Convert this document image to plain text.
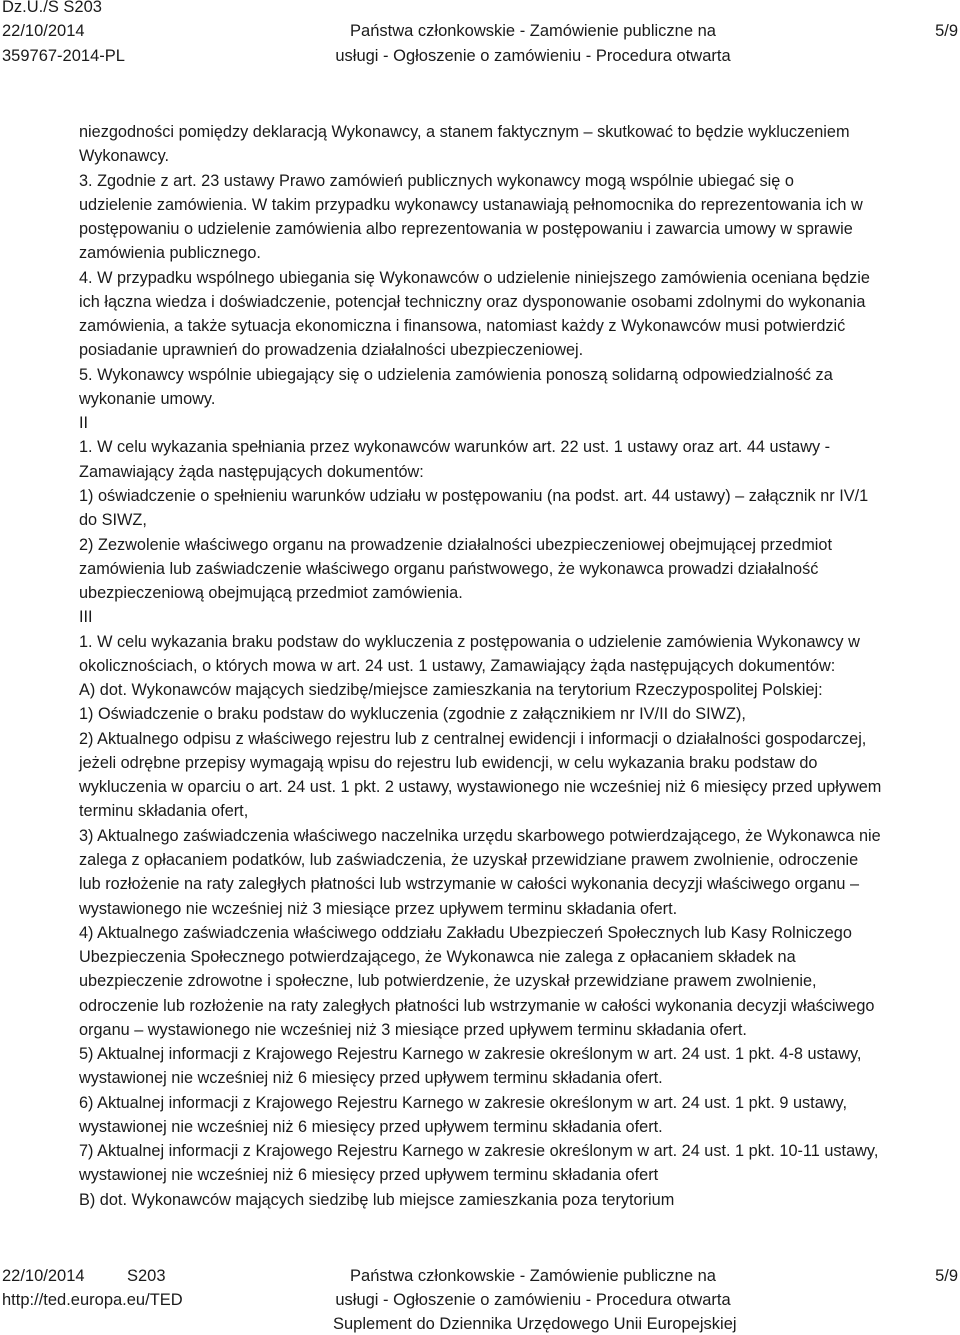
Dz.U./S S203
22/10/2014
359767-2014-PL
Państwa członkowskie - Zamówienie publiczne na
usługi - Ogłoszenie o zamówieniu - Procedura otwarta
5/9
niezgodności pomiędzy deklaracją Wykonawcy, a stanem faktycznym – skutkować to będzie wykluczeniem
Wykonawcy.
3. Zgodnie z art. 23 ustawy Prawo zamówień publicznych wykonawcy mogą wspólnie ubiegać się o
udzielenie zamówienia. W takim przypadku wykonawcy ustanawiają pełnomocnika do reprezentowania ich w
postępowaniu o udzielenie zamówienia albo reprezentowania w postępowaniu i zawarcia umowy w sprawie
zamówienia publicznego.
4. W przypadku wspólnego ubiegania się Wykonawców o udzielenie niniejszego zamówienia oceniana będzie
ich łączna wiedza i doświadczenie, potencjał techniczny oraz dysponowanie osobami zdolnymi do wykonania
zamówienia, a także sytuacja ekonomiczna i finansowa, natomiast każdy z Wykonawców musi potwierdzić
posiadanie uprawnień do prowadzenia działalności ubezpieczeniowej.
5. Wykonawcy wspólnie ubiegający się o udzielenia zamówienia ponoszą solidarną odpowiedzialność za
wykonanie umowy.
II
1. W celu wykazania spełniania przez wykonawców warunków art. 22 ust. 1 ustawy oraz art. 44 ustawy -
Zamawiający żąda następujących dokumentów:
1) oświadczenie o spełnieniu warunków udziału w postępowaniu (na podst. art. 44 ustawy) – załącznik nr IV/1
do SIWZ,
2) Zezwolenie właściwego organu na prowadzenie działalności ubezpieczeniowej obejmującej przedmiot
zamówienia lub zaświadczenie właściwego organu państwowego, że wykonawca prowadzi działalność
ubezpieczeniową obejmującą przedmiot zamówienia.
III
1. W celu wykazania braku podstaw do wykluczenia z postępowania o udzielenie zamówienia Wykonawcy w
okolicznościach, o których mowa w art. 24 ust. 1 ustawy, Zamawiający żąda następujących dokumentów:
A) dot. Wykonawców mających siedzibę/miejsce zamieszkania na terytorium Rzeczypospolitej Polskiej:
1) Oświadczenie o braku podstaw do wykluczenia (zgodnie z załącznikiem nr IV/II do SIWZ),
2) Aktualnego odpisu z właściwego rejestru lub z centralnej ewidencji i informacji o działalności gospodarczej,
jeżeli odrębne przepisy wymagają wpisu do rejestru lub ewidencji, w celu wykazania braku podstaw do
wykluczenia w oparciu o art. 24 ust. 1 pkt. 2 ustawy, wystawionego nie wcześniej niż 6 miesięcy przed upływem
terminu składania ofert,
3) Aktualnego zaświadczenia właściwego naczelnika urzędu skarbowego potwierdzającego, że Wykonawca nie
zalega z opłacaniem podatków, lub zaświadczenia, że uzyskał przewidziane prawem zwolnienie, odroczenie
lub rozłożenie na raty zaległych płatności lub wstrzymanie w całości wykonania decyzji właściwego organu –
wystawionego nie wcześniej niż 3 miesiące przez upływem terminu składania ofert.
4) Aktualnego zaświadczenia właściwego oddziału Zakładu Ubezpieczeń Społecznych lub Kasy Rolniczego
Ubezpieczenia Społecznego potwierdzającego, że Wykonawca nie zalega z opłacaniem składek na
ubezpieczenie zdrowotne i społeczne, lub potwierdzenie, że uzyskał przewidziane prawem zwolnienie,
odroczenie lub rozłożenie na raty zaległych płatności lub wstrzymanie w całości wykonania decyzji właściwego
organu – wystawionego nie wcześniej niż 3 miesiące przed upływem terminu składania ofert.
5) Aktualnej informacji z Krajowego Rejestru Karnego w zakresie określonym w art. 24 ust. 1 pkt. 4-8 ustawy,
wystawionej nie wcześniej niż 6 miesięcy przed upływem terminu składania ofert.
6) Aktualnej informacji z Krajowego Rejestru Karnego w zakresie określonym w art. 24 ust. 1 pkt. 9 ustawy,
wystawionej nie wcześniej niż 6 miesięcy przed upływem terminu składania ofert.
7) Aktualnej informacji z Krajowego Rejestru Karnego w zakresie określonym w art. 24 ust. 1 pkt. 10-11 ustawy,
wystawionej nie wcześniej niż 6 miesięcy przed upływem terminu składania ofert
B) dot. Wykonawców mających siedzibę lub miejsce zamieszkania poza terytorium
22/10/2014	S203
http://ted.europa.eu/TED
Państwa członkowskie - Zamówienie publiczne na
usługi - Ogłoszenie o zamówieniu - Procedura otwarta
Suplement do Dziennika Urzędowego Unii Europejskiej
5/9
